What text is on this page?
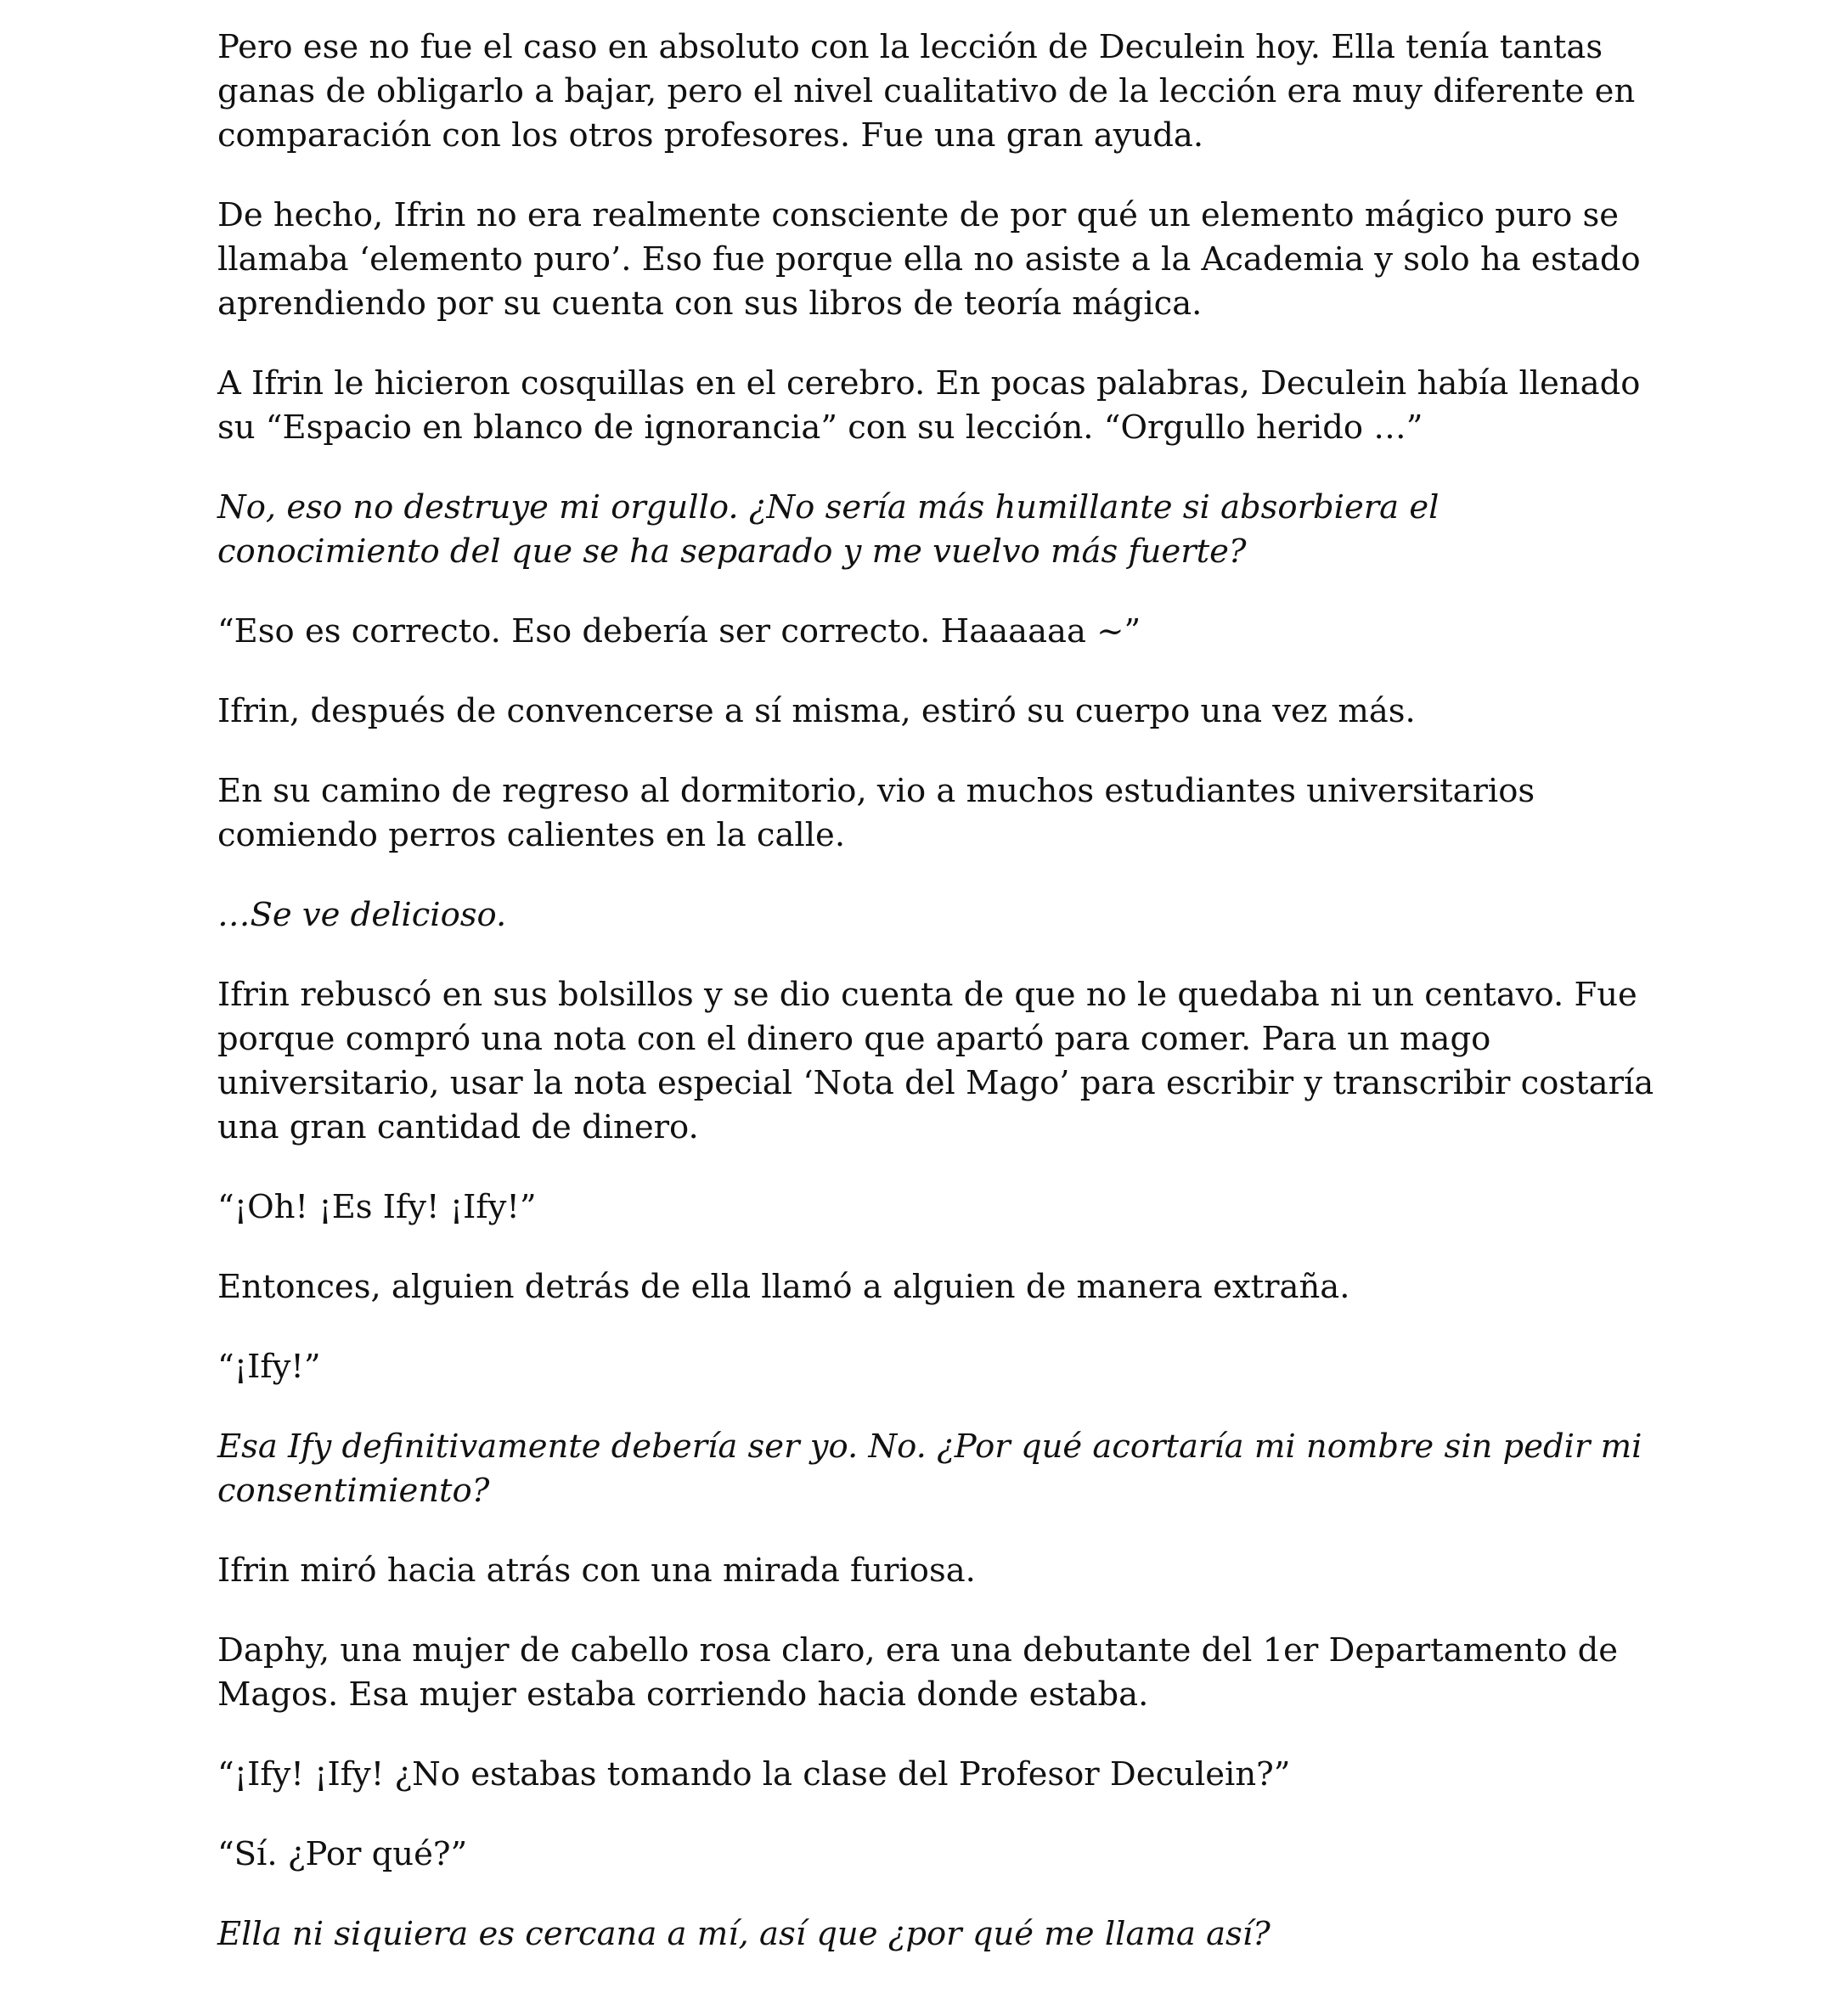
Pero ese no fue el caso en absoluto con la lección de Deculein hoy. Ella tenía tantas ganas de obligarlo a bajar, pero el nivel cualitativo de la lección era muy diferente en comparación con los otros profesores. Fue una gran ayuda.

De hecho, Ifrin no era realmente consciente de por qué un elemento mágico puro se llamaba ‘elemento puro’. Eso fue porque ella no asiste a la Academia y solo ha estado aprendiendo por su cuenta con sus libros de teoría mágica.

A Ifrin le hicieron cosquillas en el cerebro. En pocas palabras, Deculein había llenado su “Espacio en blanco de ignorancia” con su lección. “Orgullo herido …”

No, eso no destruye mi orgullo. ¿No sería más humillante si absorbiera el conocimiento del que se ha separado y me vuelvo más fuerte?

“Eso es correcto. Eso debería ser correcto. Haaaaaa ~”

Ifrin, después de convencerse a sí misma, estiró su cuerpo una vez más.

En su camino de regreso al dormitorio, vio a muchos estudiantes universitarios comiendo perros calientes en la calle.

…Se ve delicioso.

Ifrin rebuscó en sus bolsillos y se dio cuenta de que no le quedaba ni un centavo. Fue porque compró una nota con el dinero que apartó para comer. Para un mago universitario, usar la nota especial ‘Nota del Mago’ para escribir y transcribir costaría una gran cantidad de dinero.

“¡Oh! ¡Es Ify! ¡Ify!”

Entonces, alguien detrás de ella llamó a alguien de manera extraña.

“¡Ify!”

Esa Ify definitivamente debería ser yo. No. ¿Por qué acortaría mi nombre sin pedir mi consentimiento?

Ifrin miró hacia atrás con una mirada furiosa.

Daphy, una mujer de cabello rosa claro, era una debutante del 1er Departamento de Magos. Esa mujer estaba corriendo hacia donde estaba.

“¡Ify! ¡Ify! ¿No estabas tomando la clase del Profesor Deculein?”

“Sí. ¿Por qué?”

Ella ni siquiera es cercana a mí, así que ¿por qué me llama así?
